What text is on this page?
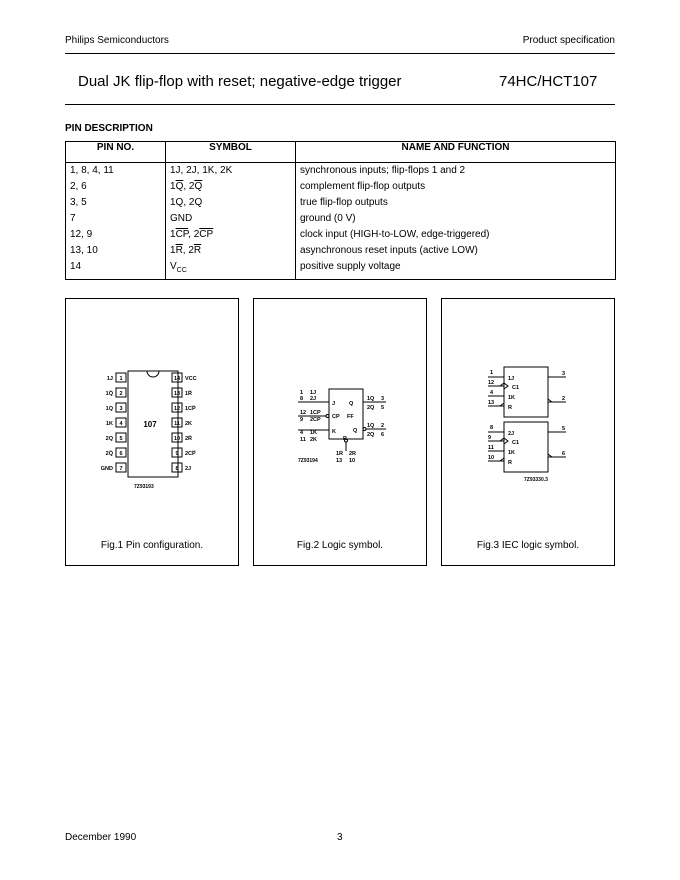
Philips Semiconductors	Product specification
Dual JK flip-flop with reset; negative-edge trigger	74HC/HCT107
PIN DESCRIPTION
PIN NO.	SYMBOL	NAME AND FUNCTION
1, 8, 4, 11	1J, 2J, 1K, 2K	synchronous inputs; flip-flops 1 and 2
2, 6	$1\overline{Q}$, $2\overline{Q}$	complement flip-flop outputs
3, 5	1Q, 2Q	true flip-flop outputs
7	GND	ground (0 V)
12, 9	$1\overline{CP}$, $2\overline{CP}$	clock input (HIGH-to-LOW, edge-triggered)
13, 10	$1\overline{R}$, $2\overline{R}$	asynchronous reset inputs (active LOW)
14	$V_{CC}$	positive supply voltage
107
1
1J
2
1Q̅
3
1Q
4
1K
5
2Q
6
2Q̅
7
GND
14 VCC
13 1R̅
12 1CP̅
11 2K
10 2R̅
9 2CP̅
8 2J
7Z93193
Fig.1 Pin configuration.
1 1J
8 2J
12 1CP
9 2CP
4 1K
11 2K
J
CP
K
Q
FF
Q
R
1Q 3
2Q 5
1Q 2
2Q 6
1R 2R
13 10
7Z93194
Fig.2 Logic symbol.
1
1J
12
C1
4
1K
13
R
3
2
8
2J
9
C1
11
1K
10
R
5
6
7Z93330.3
Fig.3 IEC logic symbol.
December 1990	3
